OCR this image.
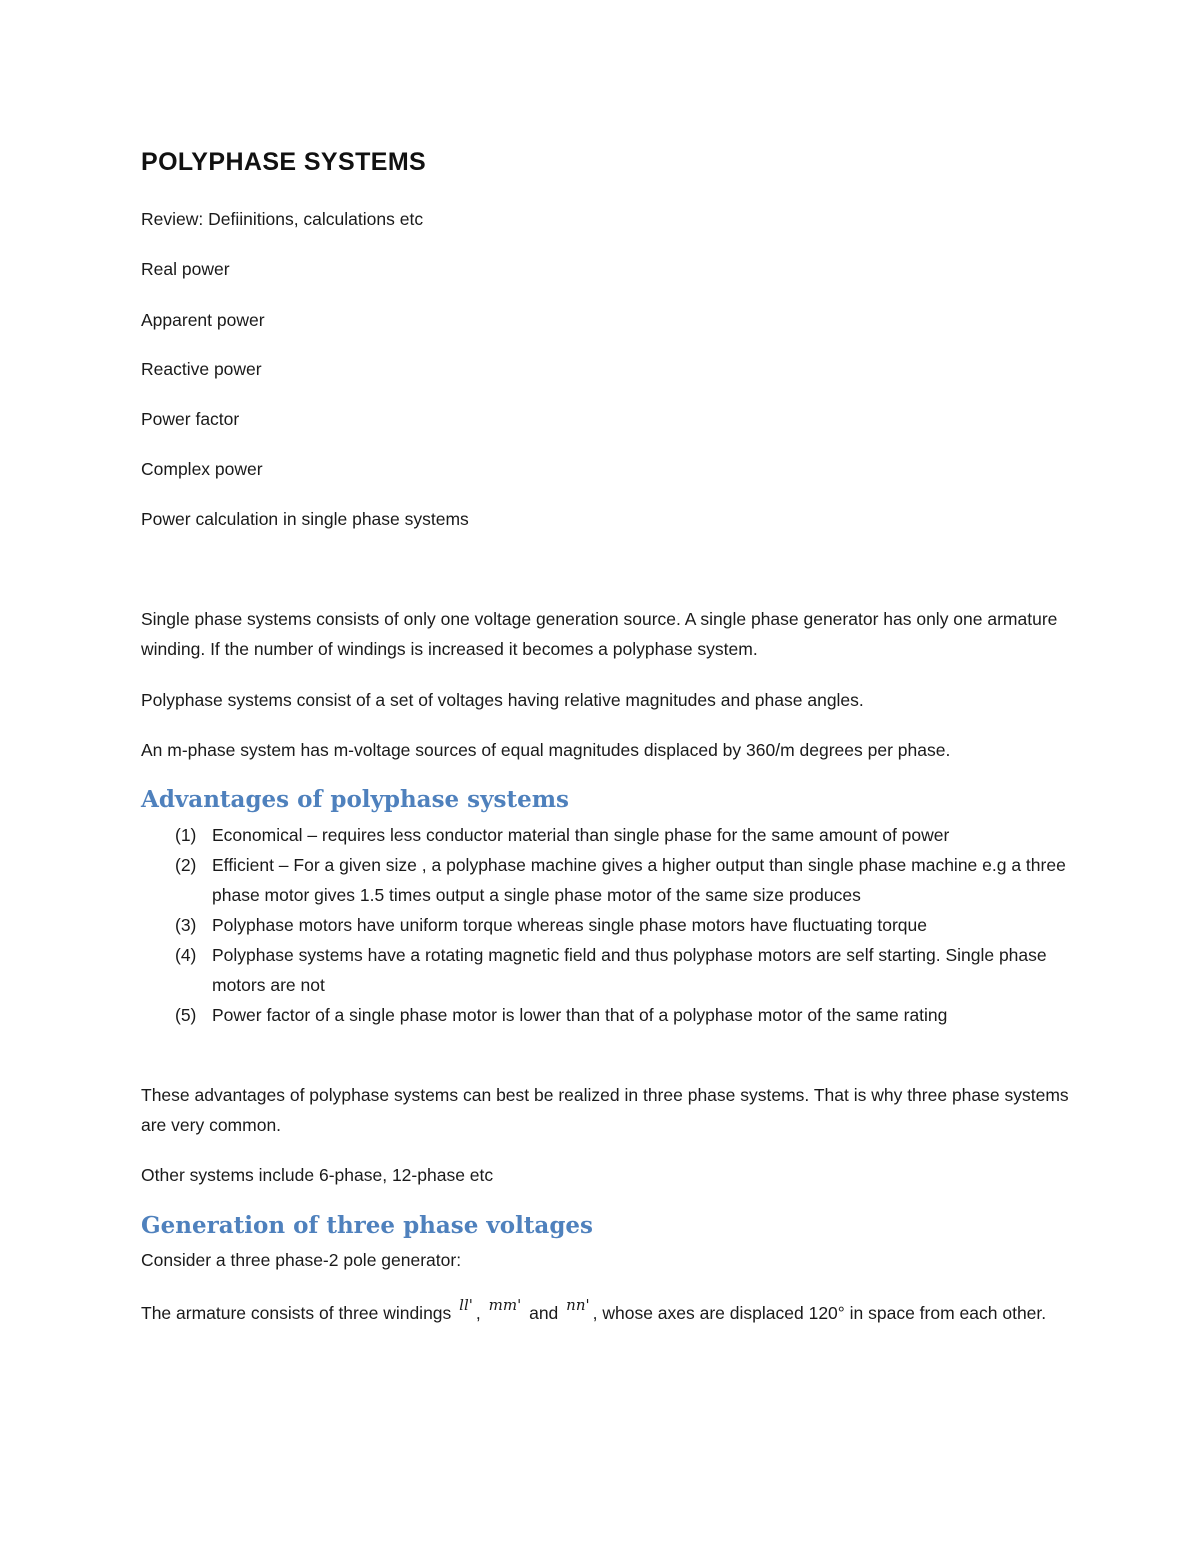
POLYPHASE SYSTEMS
Review: Defiinitions, calculations etc
Real power
Apparent power
Reactive power
Power factor
Complex power
Power calculation in single phase systems

Single phase systems consists of only one voltage generation source. A single phase generator has only one armature winding. If the number of windings is increased it becomes a polyphase system.

Polyphase systems consist of a set of voltages having relative magnitudes and phase angles.

An m-phase system has m-voltage sources of equal magnitudes displaced by 360/m degrees per phase.

Advantages of polyphase systems
(1) Economical – requires less conductor material than single phase for the same amount of power
(2) Efficient – For a given size , a polyphase machine gives a higher output than single phase machine e.g a three phase motor gives 1.5 times output a single phase motor of the same size produces
(3) Polyphase motors have uniform torque whereas single phase motors have fluctuating torque
(4) Polyphase systems have a rotating magnetic field and thus polyphase motors are self starting. Single phase motors are not
(5) Power factor of a single phase motor is lower than that of a polyphase motor of the same rating

These advantages of polyphase systems can best be realized in three phase systems. That is why three phase systems are very common.

Other systems include 6-phase, 12-phase etc

Generation of three phase voltages

Consider a three phase-2 pole generator:

The armature consists of three windings ll' , mm' and nn' , whose axes are displaced 120° in space from each other.
